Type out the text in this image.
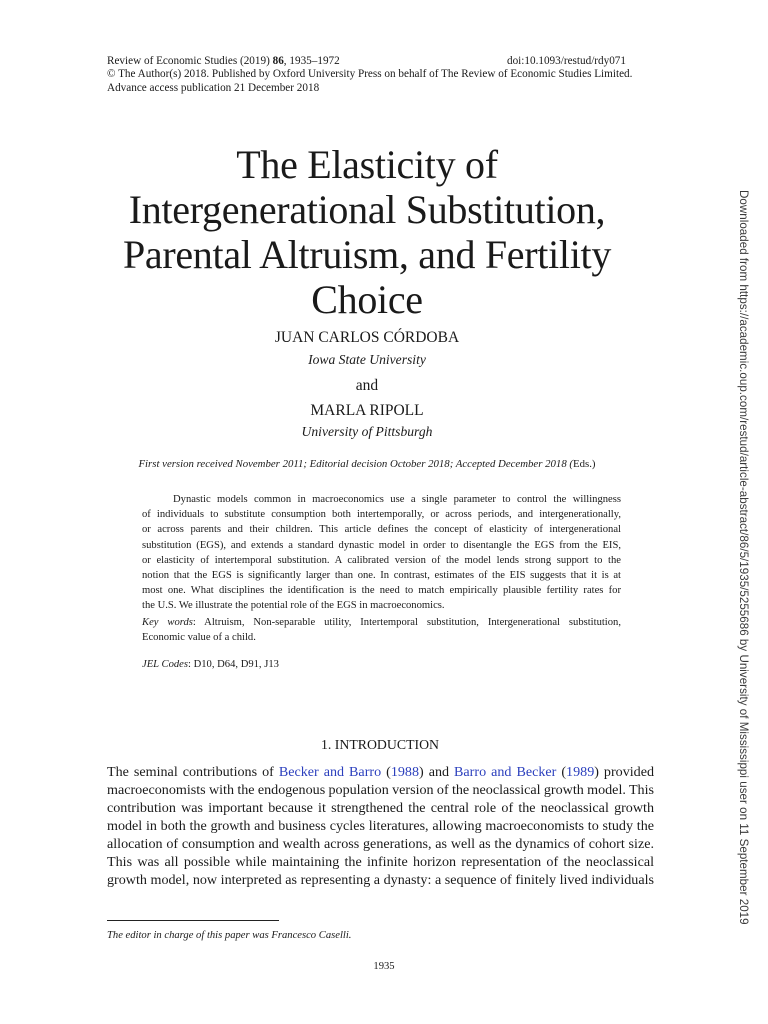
Review of Economic Studies (2019) 86, 1935–1972
© The Author(s) 2018. Published by Oxford University Press on behalf of The Review of Economic Studies Limited.
Advance access publication 21 December 2018
doi:10.1093/restud/rdy071
The Elasticity of
Intergenerational Substitution,
Parental Altruism, and Fertility
Choice
JUAN CARLOS CÓRDOBA
Iowa State University
and
MARLA RIPOLL
University of Pittsburgh
First version received November 2011; Editorial decision October 2018; Accepted December 2018 (Eds.)
Dynastic models common in macroeconomics use a single parameter to control the willingness
of individuals to substitute consumption both intertemporally, or across periods, and intergenerationally,
or across parents and their children. This article defines the concept of elasticity of intergenerational
substitution (EGS), and extends a standard dynastic model in order to disentangle the EGS from the EIS,
or elasticity of intertemporal substitution. A calibrated version of the model lends strong support to the
notion that the EGS is significantly larger than one. In contrast, estimates of the EIS suggests that it is at
most one. What disciplines the identification is the need to match empirically plausible fertility rates for
the U.S. We illustrate the potential role of the EGS in macroeconomics.
Key words: Altruism, Non-separable utility, Intertemporal substitution, Intergenerational substitution,
Economic value of a child.
JEL Codes: D10, D64, D91, J13
1. INTRODUCTION
The seminal contributions of Becker and Barro (1988) and Barro and Becker (1989) provided
macroeconomists with the endogenous population version of the neoclassical growth model. This
contribution was important because it strengthened the central role of the neoclassical growth
model in both the growth and business cycles literatures, allowing macroeconomists to study the
allocation of consumption and wealth across generations, as well as the dynamics of cohort size.
This was all possible while maintaining the infinite horizon representation of the neoclassical
growth model, now interpreted as representing a dynasty: a sequence of finitely lived individuals
The editor in charge of this paper was Francesco Caselli.
1935
Downloaded from https://academic.oup.com/restud/article-abstract/86/5/1935/5255686 by University of Mississippi user on 11 September 2019
